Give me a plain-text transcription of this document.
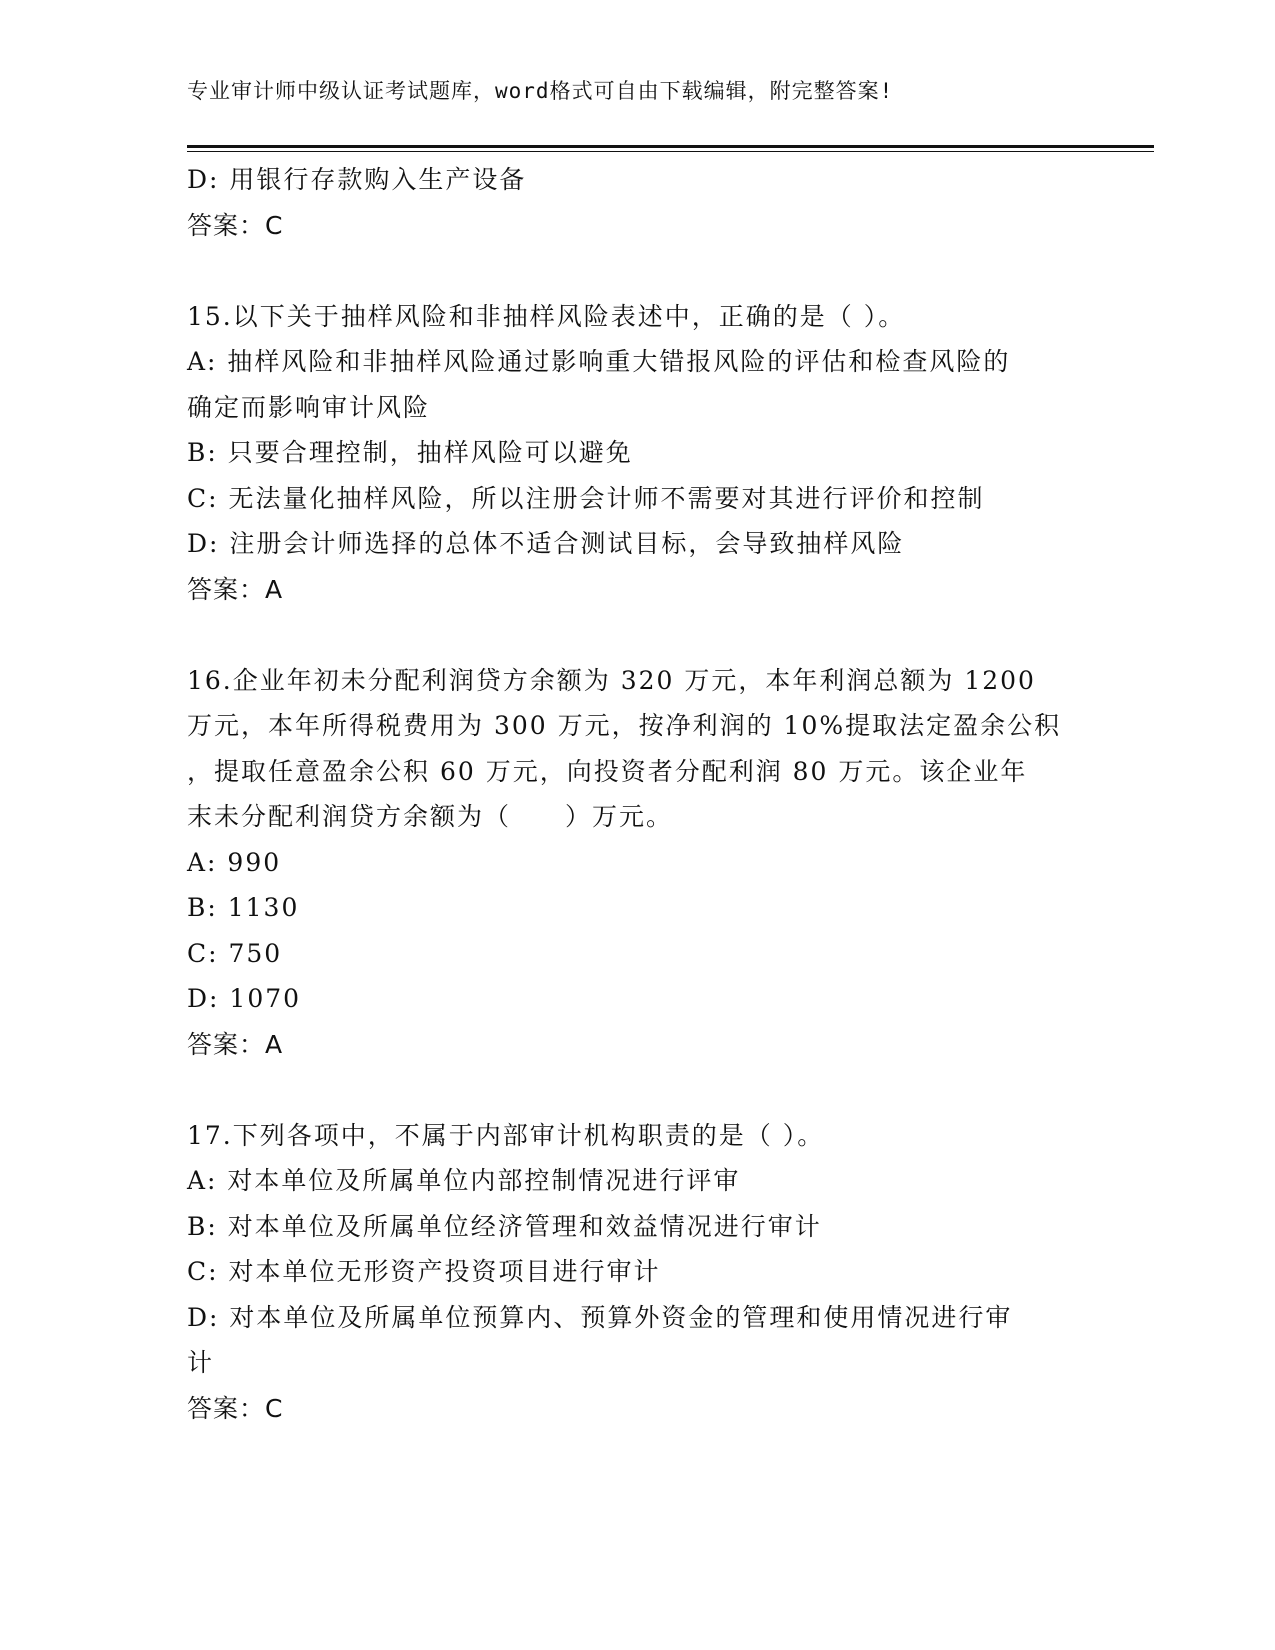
专业审计师中级认证考试题库，word格式可自由下载编辑，附完整答案!

D: 用银行存款购入生产设备

答案：C

15.以下关于抽样风险和非抽样风险表述中，正确的是（ ）。

A: 抽样风险和非抽样风险通过影响重大错报风险的评估和检查风险的

确定而影响审计风险

B: 只要合理控制，抽样风险可以避免

C: 无法量化抽样风险，所以注册会计师不需要对其进行评价和控制

D: 注册会计师选择的总体不适合测试目标，会导致抽样风险

答案：A

16.企业年初未分配利润贷方余额为 320 万元，本年利润总额为 1200

万元，本年所得税费用为 300 万元，按净利润的 10%提取法定盈余公积

，提取任意盈余公积 60 万元，向投资者分配利润 80 万元。该企业年

末未分配利润贷方余额为（　　）万元。

A: 990

B: 1130

C: 750

D: 1070

答案：A

17.下列各项中，不属于内部审计机构职责的是（ ）。

A: 对本单位及所属单位内部控制情况进行评审

B: 对本单位及所属单位经济管理和效益情况进行审计

C: 对本单位无形资产投资项目进行审计

D: 对本单位及所属单位预算内、预算外资金的管理和使用情况进行审

计

答案：C
